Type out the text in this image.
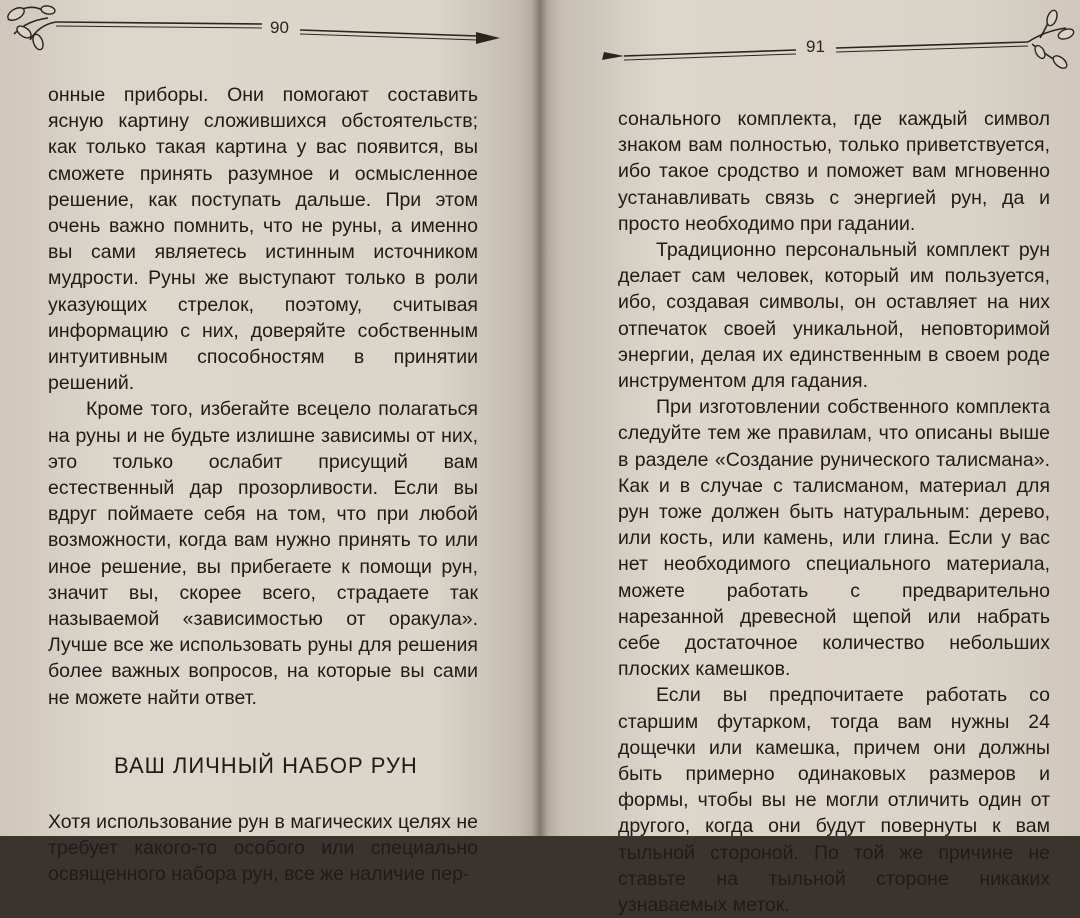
90

онные приборы. Они помогают составить ясную картину сложившихся обстоятельств; как только такая картина у вас появится, вы сможете принять разумное и осмысленное решение, как поступать дальше. При этом очень важно помнить, что не руны, а именно вы сами являетесь истинным источником мудрости. Руны же выступают только в роли указующих стрелок, поэтому, считывая информацию с них, доверяйте собственным интуитивным способностям в принятии решений.

Кроме того, избегайте всецело полагаться на руны и не будьте излишне зависимы от них, это только ослабит присущий вам естественный дар прозорливости. Если вы вдруг поймаете себя на том, что при любой возможности, когда вам нужно принять то или иное решение, вы прибегаете к помощи рун, значит вы, скорее всего, страдаете так называемой «зависимостью от оракула». Лучше все же использовать руны для решения более важных вопросов, на которые вы сами не можете найти ответ.

ВАШ ЛИЧНЫЙ НАБОР РУН

Хотя использование рун в магических целях не требует какого-то особого или специально освященного набора рун, все же наличие пер-

91

сонального комплекта, где каждый символ знаком вам полностью, только приветствуется, ибо такое сродство и поможет вам мгновенно устанавливать связь с энергией рун, да и просто необходимо при гадании.

Традиционно персональный комплект рун делает сам человек, который им пользуется, ибо, создавая символы, он оставляет на них отпечаток своей уникальной, неповторимой энергии, делая их единственным в своем роде инструментом для гадания.

При изготовлении собственного комплекта следуйте тем же правилам, что описаны выше в разделе «Создание рунического талисмана». Как и в случае с талисманом, материал для рун тоже должен быть натуральным: дерево, или кость, или камень, или глина. Если у вас нет необходимого специального материала, можете работать с предварительно нарезанной древесной щепой или набрать себе достаточное количество небольших плоских камешков.

Если вы предпочитаете работать со старшим футарком, тогда вам нужны 24 дощечки или камешка, причем они должны быть примерно одинаковых размеров и формы, чтобы вы не могли отличить один от другого, когда они будут повернуты к вам тыльной стороной. По той же причине не ставьте на тыльной стороне никаких узнаваемых меток.
